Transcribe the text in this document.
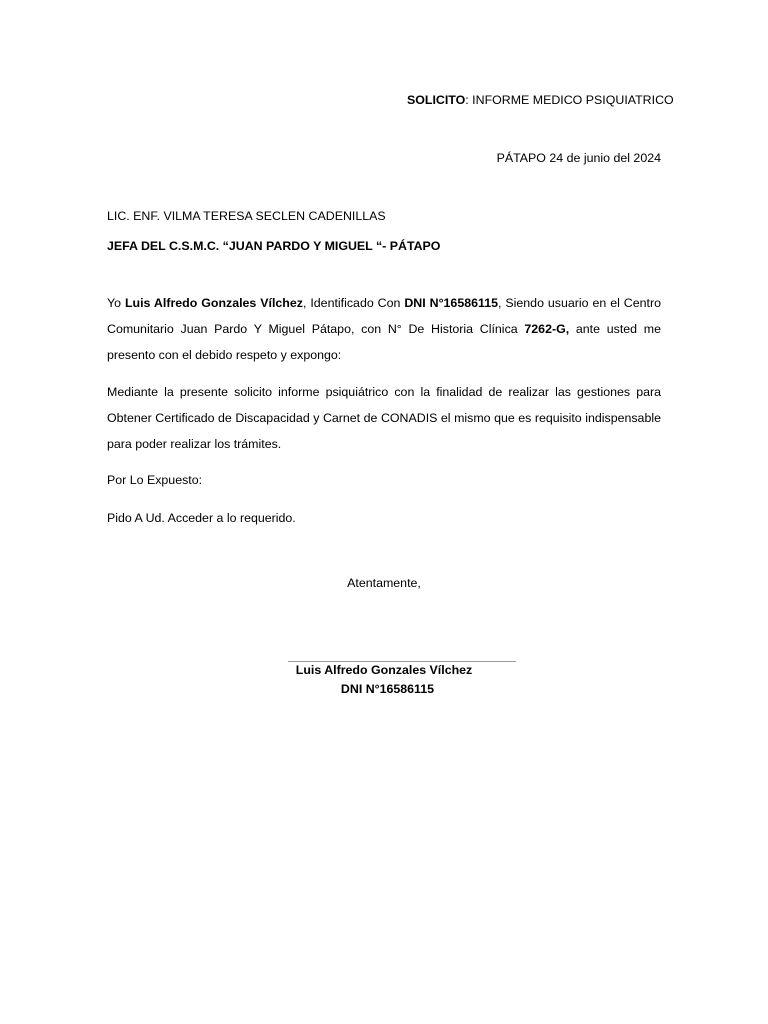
SOLICITO: INFORME MEDICO PSIQUIATRICO
PÁTAPO 24 de junio del 2024
LIC. ENF. VILMA TERESA SECLEN CADENILLAS
JEFA DEL C.S.M.C. “JUAN PARDO Y MIGUEL “- PÁTAPO
Yo Luis Alfredo Gonzales Vílchez, Identificado Con DNI N°16586115, Siendo usuario en el Centro
Comunitario Juan Pardo Y Miguel Pátapo, con N° De Historia Clínica 7262-G, ante usted me
presento con el debido respeto y expongo:
Mediante la presente solicito informe psiquiátrico con la finalidad de realizar las gestiones para
Obtener Certificado de Discapacidad y Carnet de CONADIS el mismo que es requisito indispensable
para poder realizar los trámites.
Por Lo Expuesto:
Pido A Ud. Acceder a lo requerido.
Atentamente,
Luis Alfredo Gonzales Vílchez
DNI N°16586115
